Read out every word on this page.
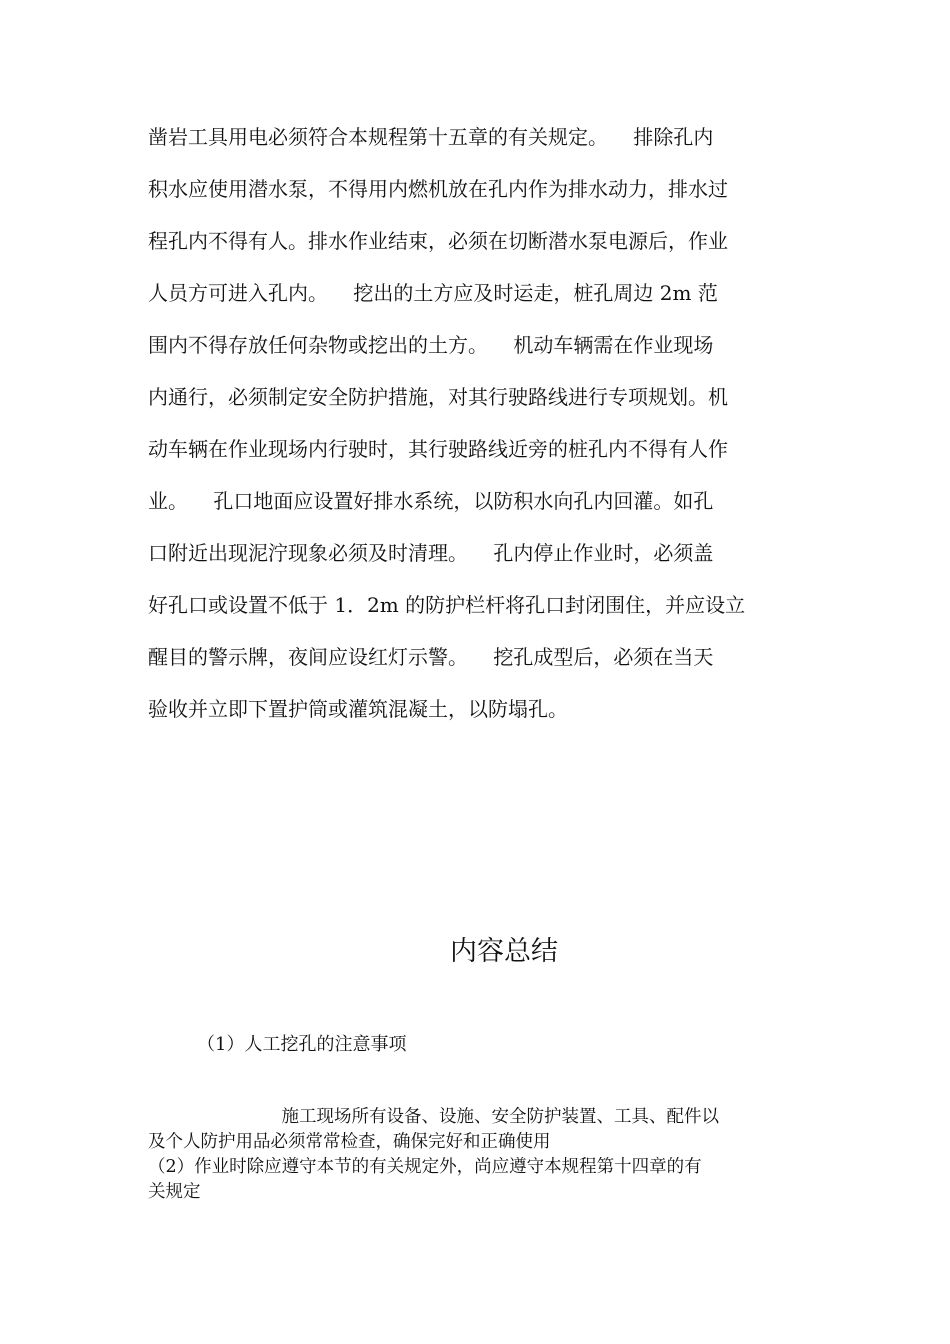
凿岩工具用电必须符合本规程第十五章的有关规定。    排除孔内
积水应使用潜水泵，不得用内燃机放在孔内作为排水动力，排水过
程孔内不得有人。排水作业结束，必须在切断潜水泵电源后，作业
人员方可进入孔内。    挖出的土方应及时运走，桩孔周边 2m 范
围内不得存放任何杂物或挖出的土方。    机动车辆需在作业现场
内通行，必须制定安全防护措施，对其行驶路线进行专项规划。机
动车辆在作业现场内行驶时，其行驶路线近旁的桩孔内不得有人作
业。    孔口地面应设置好排水系统，以防积水向孔内回灌。如孔
口附近出现泥泞现象必须及时清理。    孔内停止作业时，必须盖
好孔口或设置不低于 1．2m 的防护栏杆将孔口封闭围住，并应设立
醒目的警示牌，夜间应设红灯示警。    挖孔成型后，必须在当天
验收并立即下置护筒或灌筑混凝土，以防塌孔。
内容总结
（1）人工挖孔的注意事项
施工现场所有设备、设施、安全防护装置、工具、配件以
及个人防护用品必须常常检查，确保完好和正确使用
（2）作业时除应遵守本节的有关规定外，尚应遵守本规程第十四章的有
关规定
